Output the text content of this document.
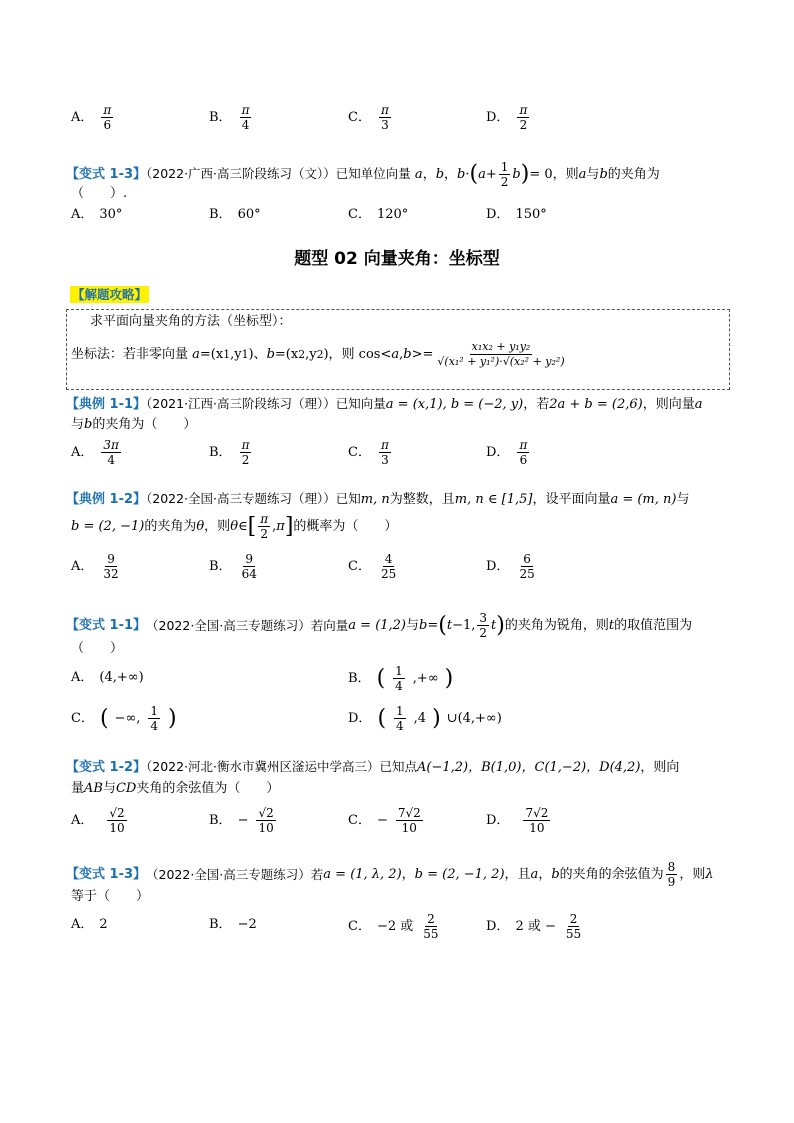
A． $\frac{\pi}{6}$	B． $\frac{\pi}{4}$	C． $\frac{\pi}{3}$	D． $\frac{\pi}{2}$
【变式 1-3】（2022·广西·高三阶段练习（文））已知单位向量 a，b，$b\cdot(a+ \frac{1}{2} b)= 0$，则a与b的夹角为
（　　）.
A． 30°	B． 60°	C． 120°	D． 150°
题型 02 向量夹角：坐标型
【解题攻略】
求平面向量夹角的方法（坐标型）：
坐标法：若非零向量 a =(x 1 ,y 1 ) 、 b =(x 2 ,y 2 ) ，则 $\cos<a,b>= \frac{\text{x₁x₂ + y₁y₂}}{\text{√(x₁² + y₁²)·√(x₂² + y₂²)}}$
【典例 1-1】（2021·江西·高三阶段练习（理））已知向量a = (x,1), b = (−2, y)，若2a + b = (2,6)，则向量a
与b的夹角为（　　）
A． $\frac{3\pi}{4}$	B． $\frac{\pi}{2}$	C． $\frac{\pi}{3}$	D． $\frac{\pi}{6}$
【典例 1-2】（2022·全国·高三专题练习（理））已知m, n为整数，且m, n ∈ [1,5]，设平面向量a = (m, n)与
b = (2, −1) 的夹角为 θ ，则 θ ∈ [ $\frac{\pi}{2}$ , π ] 的概率为（　　）
A． $\frac{9}{32}$	B． $\frac{9}{64}$	C． $\frac{4}{25}$	D． $\frac{6}{25}$
【变式 1-1】 （2022·全国·高三专题练习）若向量 a = (1,2) 与 b = ( t −1, $\frac{3}{2}$ t ) 的夹角为锐角，则 t 的取值范围为
（　　）
A． (4,+∞)	B． ( $\frac{1}{4}$ ,+∞ )
C． ( −∞, $\frac{1}{4}$ )	D． ( $\frac{1}{4} ,4$ ) ∪(4,+∞)
【变式 1-2】（2022·河北·衡水市冀州区滏运中学高三）已知点A(−1,2)，B(1,0)，C(1,−2)，D(4,2)，则向
量AB与CD夹角的余弦值为（　　）
A． $\frac{√2}{10}$	B． − $\frac{√2}{10}$	C． − $\frac{7√2}{10}$	D． $\frac{7√2}{10}$
【变式 1-3】 （2022·全国·高三专题练习）若 a = (1, λ, 2) ， b = (2, −1, 2) ，且 a ， b 的夹角的余弦值为 $\frac{8}{9}$ ，则 λ
等于（　　）
A． 2	B． −2	C． −2 或 $\frac{2}{55}$	D． 2 或 − $\frac{2}{55}$
